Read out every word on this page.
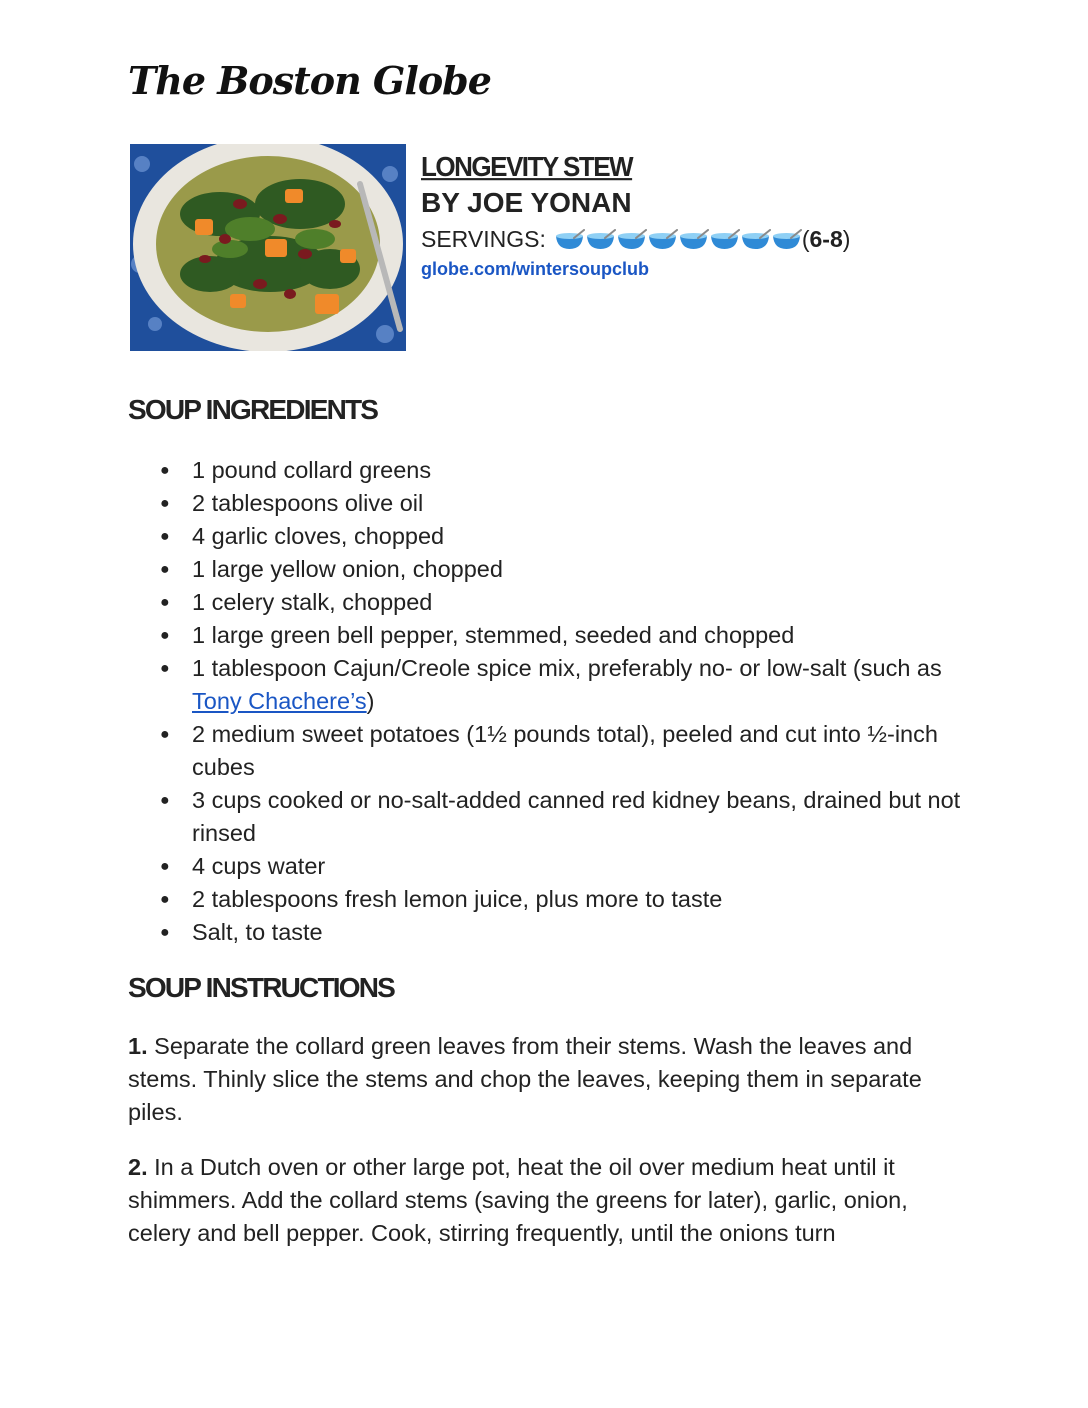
The Boston Globe
LONGEVITY STEW
BY JOE YONAN
SERVINGS:	( 6-8 )
globe.com/wintersoupclub
SOUP INGREDIENTS
● 1 pound collard greens
● 2 tablespoons olive oil
● 4 garlic cloves, chopped
● 1 large yellow onion, chopped
● 1 celery stalk, chopped
● 1 large green bell pepper, stemmed, seeded and chopped
● 1 tablespoon Cajun/Creole spice mix, preferably no- or low-salt (such as Tony Chachere’s)
● 2 medium sweet potatoes (1½ pounds total), peeled and cut into ½-inch cubes
● 3 cups cooked or no-salt-added canned red kidney beans, drained but not rinsed
● 4 cups water
● 2 tablespoons fresh lemon juice, plus more to taste
● Salt, to taste
SOUP INSTRUCTIONS

1. Separate the collard green leaves from their stems. Wash the leaves and stems. Thinly slice the stems and chop the leaves, keeping them in separate piles.

2. In a Dutch oven or other large pot, heat the oil over medium heat until it shimmers. Add the collard stems (saving the greens for later), garlic, onion, celery and bell pepper. Cook, stirring frequently, until the onions turn
